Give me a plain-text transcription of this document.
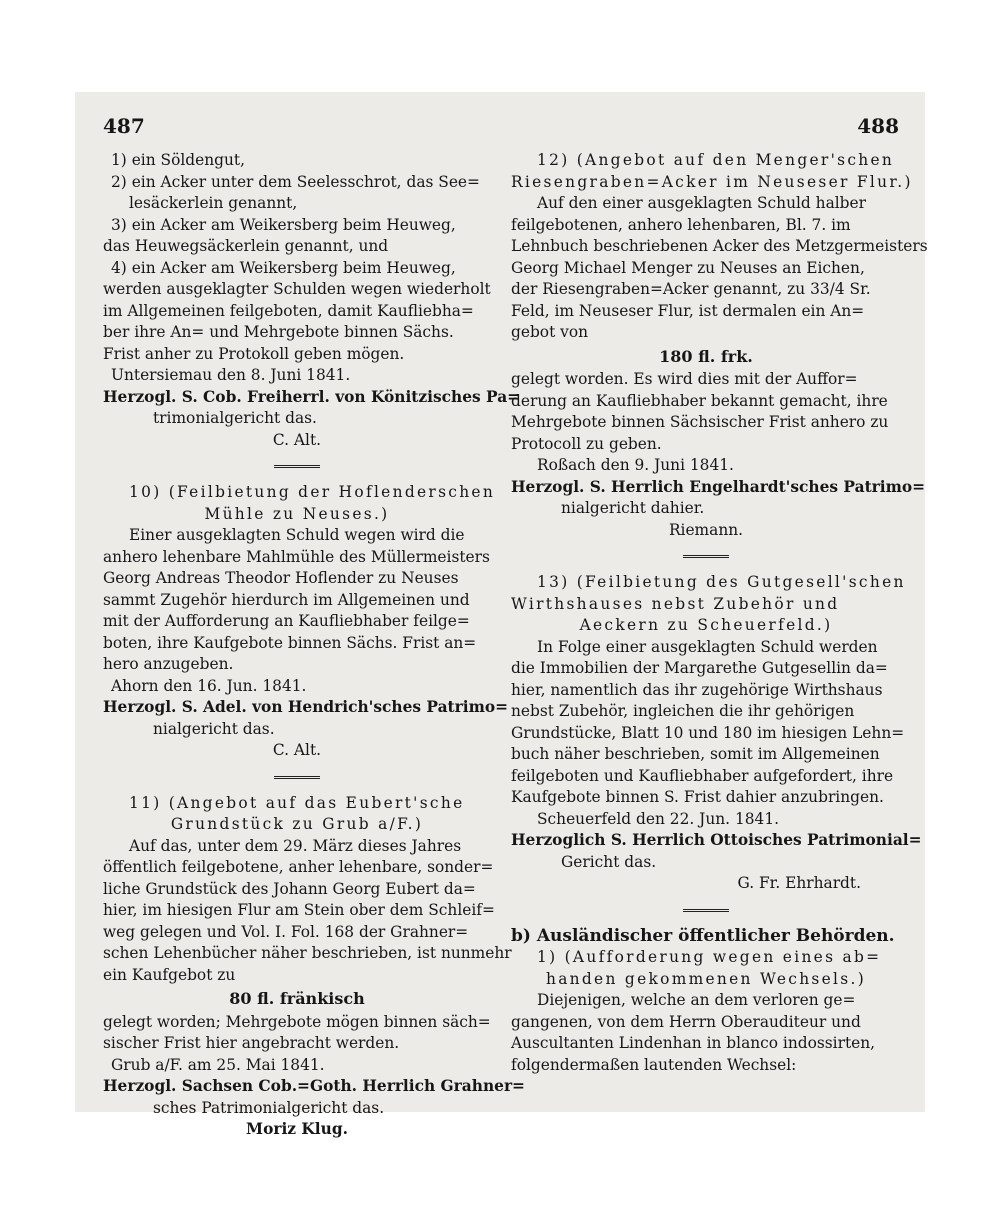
487	488
1) ein Söldengut,
2) ein Acker unter dem Seelesschrot, das See=
lesäckerlein genannt,
3) ein Acker am Weikersberg beim Heuweg,
das Heuwegsäckerlein genannt, und
4) ein Acker am Weikersberg beim Heuweg,
werden ausgeklagter Schulden wegen wiederholt
im Allgemeinen feilgeboten, damit Kaufliebha=
ber ihre An= und Mehrgebote binnen Sächs.
Frist anher zu Protokoll geben mögen.
Untersiemau den 8. Juni 1841.
Herzogl. S. Cob. Freiherrl. von Könitzisches Pa=
trimonialgericht das.
C. Alt.
10) (Feilbietung der Hoflenderschen
Mühle zu Neuses.)
Einer ausgeklagten Schuld wegen wird die
anhero lehenbare Mahlmühle des Müllermeisters
Georg Andreas Theodor Hoflender zu Neuses
sammt Zugehör hierdurch im Allgemeinen und
mit der Aufforderung an Kaufliebhaber feilge=
boten, ihre Kaufgebote binnen Sächs. Frist an=
hero anzugeben.
Ahorn den 16. Jun. 1841.
Herzogl. S. Adel. von Hendrich'sches Patrimo=
nialgericht das.
C. Alt.
11) (Angebot auf das Eubert'sche
Grundstück zu Grub a/F.)
Auf das, unter dem 29. März dieses Jahres
öffentlich feilgebotene, anher lehenbare, sonder=
liche Grundstück des Johann Georg Eubert da=
hier, im hiesigen Flur am Stein ober dem Schleif=
weg gelegen und Vol. I. Fol. 168 der Grahner=
schen Lehenbücher näher beschrieben, ist nunmehr
ein Kaufgebot zu
80 fl. fränkisch
gelegt worden; Mehrgebote mögen binnen säch=
sischer Frist hier angebracht werden.
Grub a/F. am 25. Mai 1841.
Herzogl. Sachsen Cob.=Goth. Herrlich Grahner=
sches Patrimonialgericht das.
Moriz Klug.
12) (Angebot auf den Menger'schen
Riesengraben=Acker im Neuseser Flur.)
Auf den einer ausgeklagten Schuld halber
feilgebotenen, anhero lehenbaren, Bl. 7. im
Lehnbuch beschriebenen Acker des Metzgermeisters
Georg Michael Menger zu Neuses an Eichen,
der Riesengraben=Acker genannt, zu 33/4 Sr.
Feld, im Neuseser Flur, ist dermalen ein An=
gebot von
180 fl. frk.
gelegt worden. Es wird dies mit der Auffor=
derung an Kaufliebhaber bekannt gemacht, ihre
Mehrgebote binnen Sächsischer Frist anhero zu
Protocoll zu geben.
Roßach den 9. Juni 1841.
Herzogl. S. Herrlich Engelhardt'sches Patrimo=
nialgericht dahier.
Riemann.
13) (Feilbietung des Gutgesell'schen
Wirthshauses nebst Zubehör und
Aeckern zu Scheuerfeld.)
In Folge einer ausgeklagten Schuld werden
die Immobilien der Margarethe Gutgesellin da=
hier, namentlich das ihr zugehörige Wirthshaus
nebst Zubehör, ingleichen die ihr gehörigen
Grundstücke, Blatt 10 und 180 im hiesigen Lehn=
buch näher beschrieben, somit im Allgemeinen
feilgeboten und Kaufliebhaber aufgefordert, ihre
Kaufgebote binnen S. Frist dahier anzubringen.
Scheuerfeld den 22. Jun. 1841.
Herzoglich S. Herrlich Ottoisches Patrimonial=
Gericht das.
G. Fr. Ehrhardt.
b) Ausländischer öffentlicher Behörden.
1) (Aufforderung wegen eines ab=
handen gekommenen Wechsels.)
Diejenigen, welche an dem verloren ge=
gangenen, von dem Herrn Oberauditeur und
Auscultanten Lindenhan in blanco indossirten,
folgendermaßen lautenden Wechsel:
